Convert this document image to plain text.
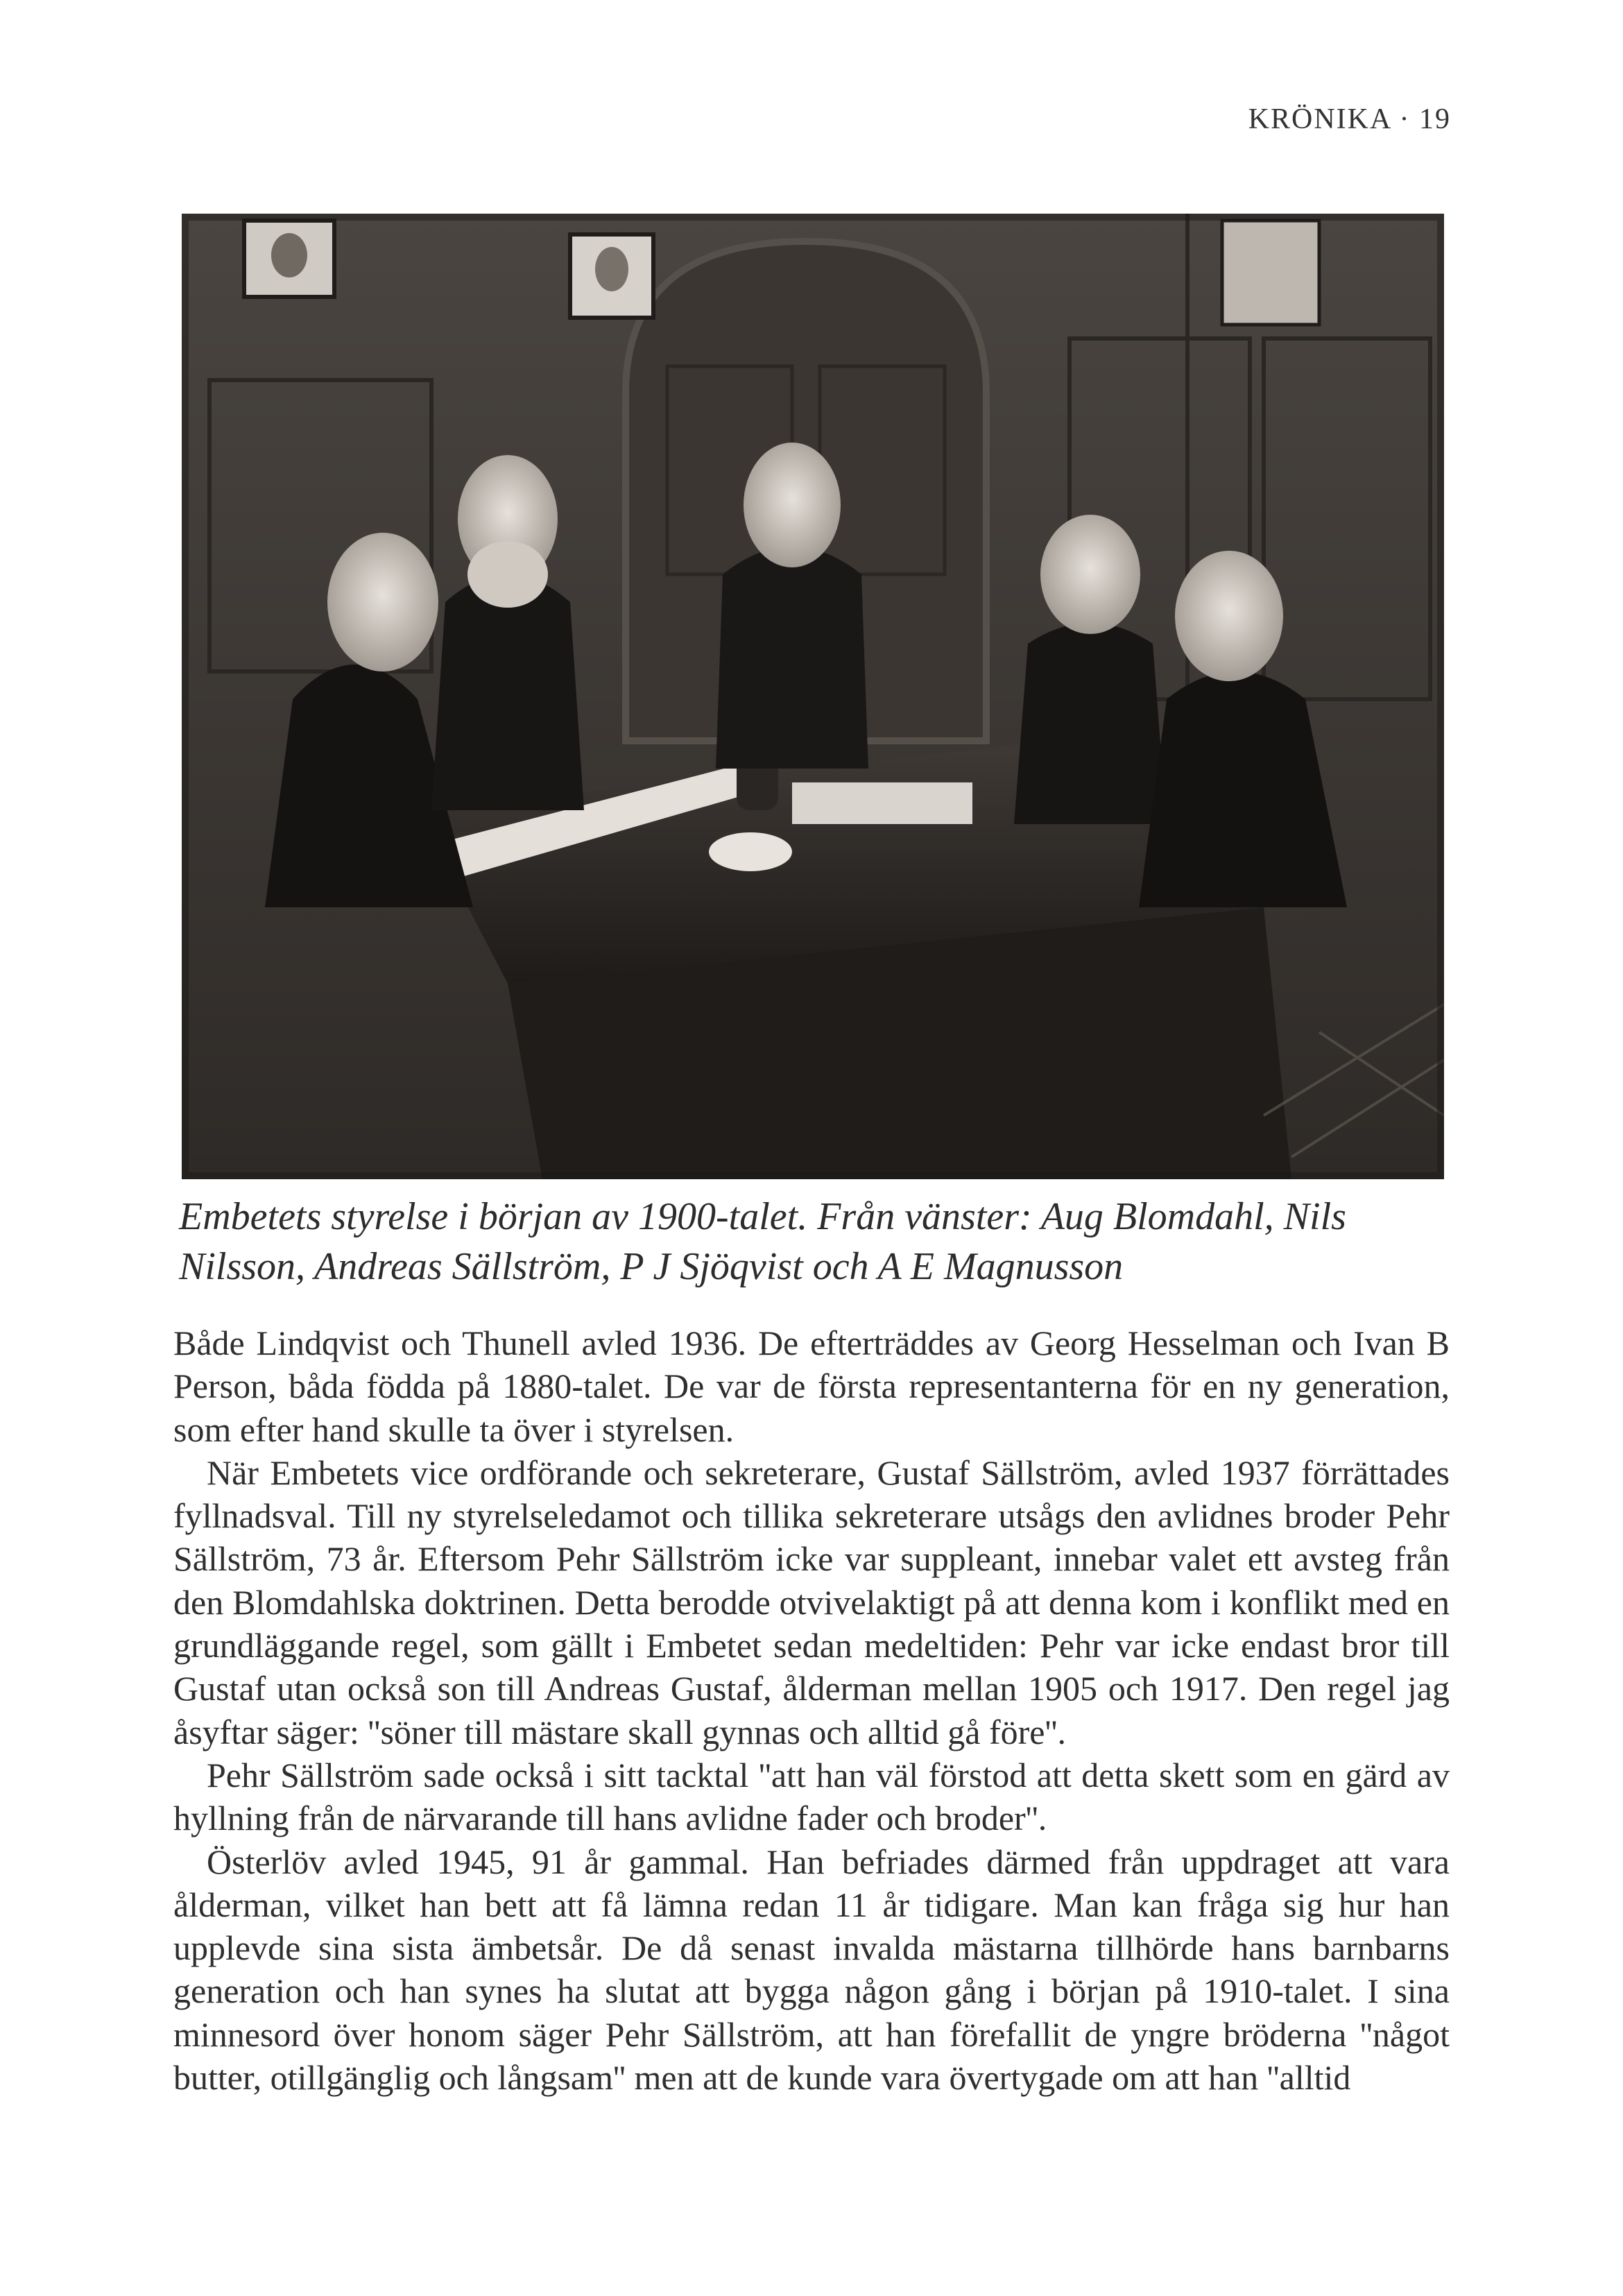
KRÖNIKA · 19
Embetets styrelse i början av 1900-talet. Från vänster: Aug Blomdahl, Nils Nilsson, Andreas Sällström, P J Sjöqvist och A E Magnusson

Både Lindqvist och Thunell avled 1936. De efterträddes av Georg Hesselman och Ivan B Person, båda födda på 1880-talet. De var de första representanterna för en ny generation, som efter hand skulle ta över i styrelsen.

När Embetets vice ordförande och sekreterare, Gustaf Sällström, avled 1937 förrättades fyllnadsval. Till ny styrelseledamot och tillika sekreterare utsågs den avlidnes broder Pehr Sällström, 73 år. Eftersom Pehr Sällström icke var suppleant, innebar valet ett avsteg från den Blomdahlska doktrinen. Detta berodde otvivelaktigt på att denna kom i konflikt med en grundläggande regel, som gällt i Embetet sedan medeltiden: Pehr var icke endast bror till Gustaf utan också son till Andreas Gustaf, ålderman mellan 1905 och 1917. Den regel jag åsyftar säger: ''söner till mästare skall gynnas och alltid gå före''.

Pehr Sällström sade också i sitt tacktal ''att han väl förstod att detta skett som en gärd av hyllning från de närvarande till hans avlidne fader och broder''.

Österlöv avled 1945, 91 år gammal. Han befriades därmed från uppdraget att vara ålderman, vilket han bett att få lämna redan 11 år tidigare. Man kan fråga sig hur han upplevde sina sista ämbetsår. De då senast invalda mästarna tillhörde hans barnbarns generation och han synes ha slutat att bygga någon gång i början på 1910-talet. I sina minnesord över honom säger Pehr Sällström, att han förefallit de yngre bröderna ''något butter, otillgänglig och långsam'' men att de kunde vara övertygade om att han ''alltid
